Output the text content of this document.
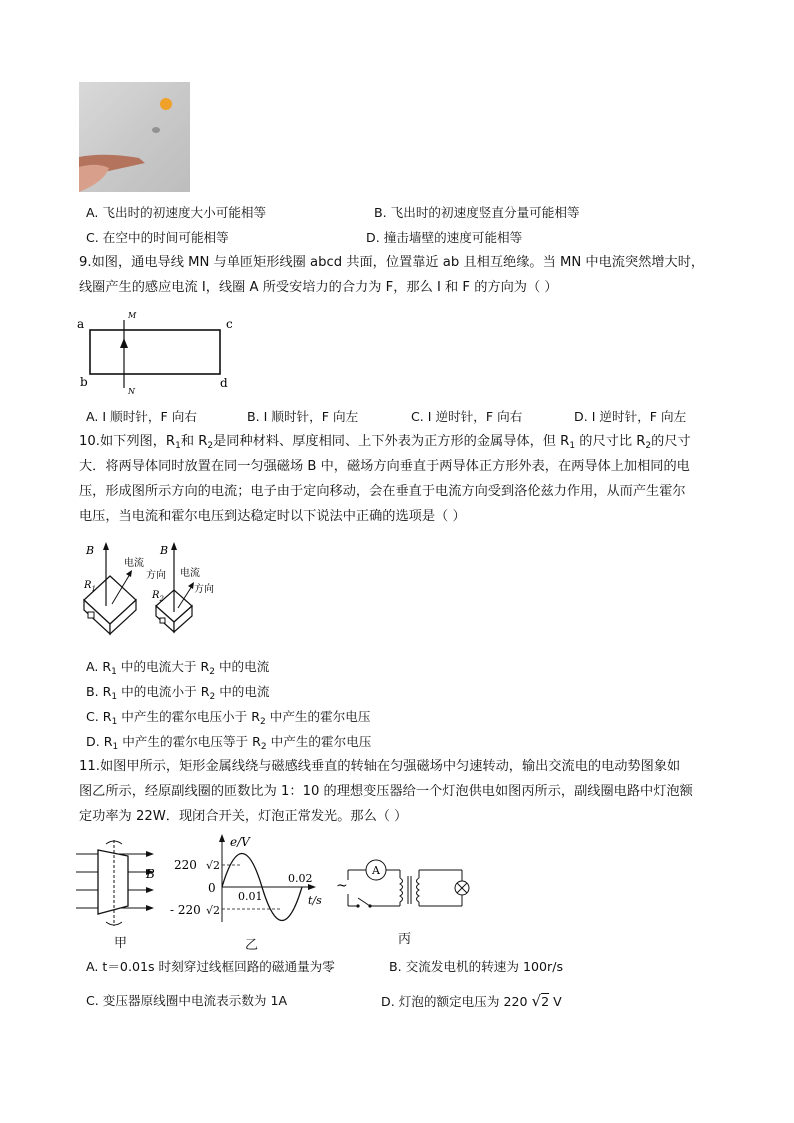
A. 飞出时的初速度大小可能相等	B. 飞出时的初速度竖直分量可能相等
C. 在空中的时间可能相等	D. 撞击墙壁的速度可能相等
9.如图，通电导线 MN 与单匝矩形线圈 abcd 共面，位置靠近 ab 且相互绝缘。当 MN 中电流突然增大时，
线圈产生的感应电流 I，线圈 A 所受安培力的合力为 F，那么 I 和 F 的方向为（ ）
a
b
c
d
M
N
A. I 顺时针，F 向右	B. I 顺时针，F 向左	C. I 逆时针，F 向右	D. I 逆时针，F 向左
10.如下列图，$R_1$和 $R_2$是同种材料、厚度相同、上下外表为正方形的金属导体，但 $R_1$ 的尺寸比 $R_2$的尺寸
大．将两导体同时放置在同一匀强磁场 B 中，磁场方向垂直于两导体正方形外表，在两导体上加相同的电
压，形成图所示方向的电流；电子由于定向移动，会在垂直于电流方向受到洛伦兹力作用，从而产生霍尔
电压，当电流和霍尔电压到达稳定时以下说法中正确的选项是（ ）
B
$R_1$
电流
方向
B
$R_2$
电流
方向
A. $R_1$ 中的电流大于 $R_2$ 中的电流
B. $R_1$ 中的电流小于 $R_2$ 中的电流
C. $R_1$ 中产生的霍尔电压小于 $R_2$ 中产生的霍尔电压
D. $R_1$ 中产生的霍尔电压等于 $R_2$ 中产生的霍尔电压
11.如图甲所示，矩形金属线绕与磁感线垂直的转轴在匀强磁场中匀速转动，输出交流电的电动势图象如
图乙所示，经原副线圈的匝数比为 1：10 的理想变压器给一个灯泡供电如图丙所示，副线圈电路中灯泡额
定功率为 22W．现闭合开关，灯泡正常发光。那么（ ）
B
甲
e/V
t/s
220 √2
0
- 220 √2
0.01
0.02
乙
~
A
丙
A. t＝0.01s 时刻穿过线框回路的磁通量为零	B. 交流发电机的转速为 100r/s
C. 变压器原线圈中电流表示数为 1A	D. 灯泡的额定电压为 220 √2 V
